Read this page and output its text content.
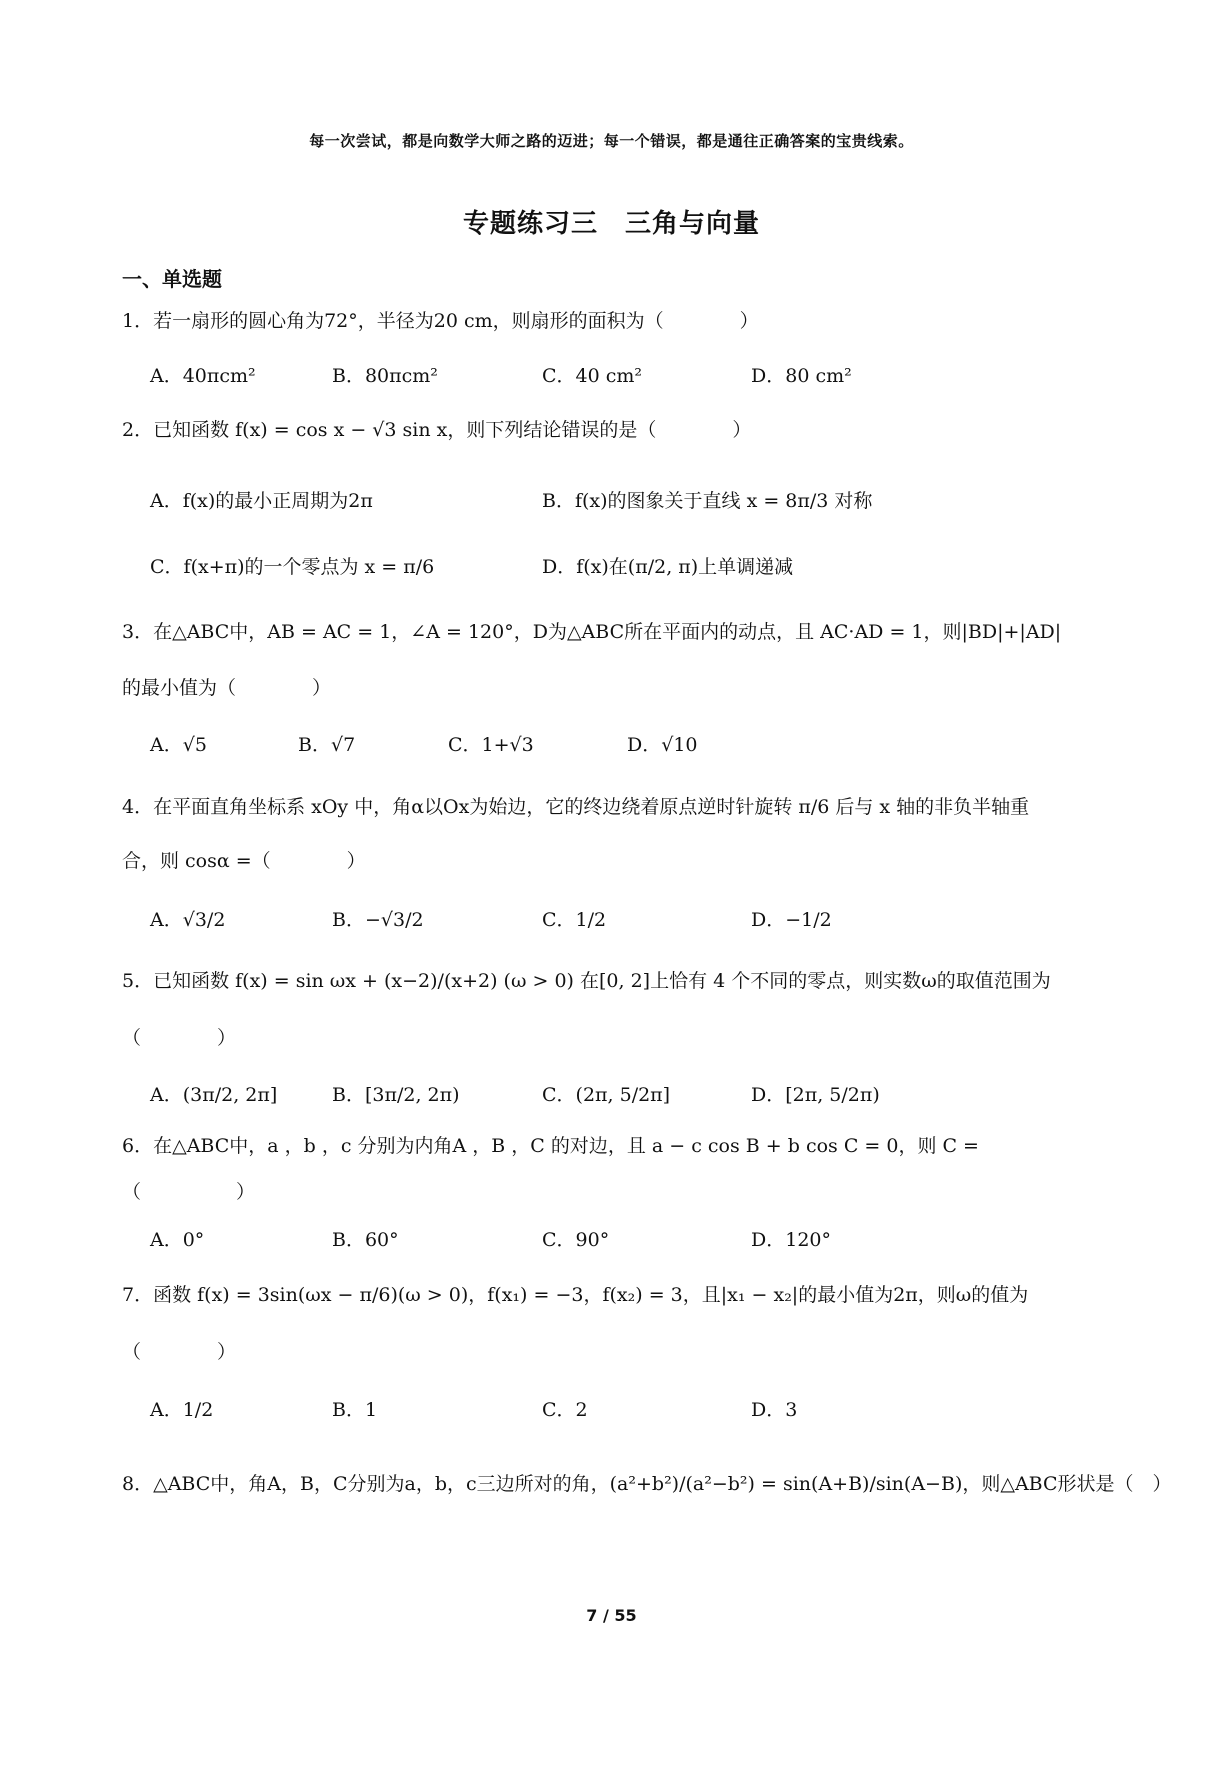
每一次尝试，都是向数学大师之路的迈进；每一个错误，都是通往正确答案的宝贵线索。
专题练习三　三角与向量
一、单选题
1．若一扇形的圆心角为72°，半径为20 cm，则扇形的面积为（　　　　）
A．40πcm²	B．80πcm²	C．40 cm²	D．80 cm²
2．已知函数 f(x) = cos x − √3 sin x，则下列结论错误的是（　　　　）
A．f(x)的最小正周期为2π	B．f(x)的图象关于直线 x = 8π/3 对称
C．f(x+π)的一个零点为 x = π/6	D．f(x)在(π/2, π)上单调递减
3．在△ABC中，AB = AC = 1，∠A = 120°，D为△ABC所在平面内的动点，且 AC·AD = 1，则|BD|+|AD|
的最小值为（　　　　）
A．√5	B．√7	C．1+√3	D．√10
4．在平面直角坐标系 xOy 中，角α以Ox为始边，它的终边绕着原点逆时针旋转 π/6 后与 x 轴的非负半轴重
合，则 cosα =（　　　　）
A．√3/2	B．−√3/2	C．1/2	D．−1/2
5．已知函数 f(x) = sin ωx + (x−2)/(x+2) (ω > 0) 在[0, 2]上恰有 4 个不同的零点，则实数ω的取值范围为
（　　　　）
A．(3π/2, 2π]	B．[3π/2, 2π)	C．(2π, 5/2π]	D．[2π, 5/2π)
6．在△ABC中，a ，b ，c 分别为内角A ，B ，C 的对边，且 a − c cos B + b cos C = 0，则 C =
（　　　　　）
A．0°	B．60°	C．90°	D．120°
7．函数 f(x) = 3sin(ωx − π/6)(ω > 0)，f(x₁) = −3，f(x₂) = 3，且|x₁ − x₂|的最小值为2π，则ω的值为
（　　　　）
A．1/2	B．1	C．2	D．3
8．△ABC中，角A，B，C分别为a，b，c三边所对的角，(a²+b²)/(a²−b²) = sin(A+B)/sin(A−B)，则△ABC形状是（　）
7 / 55
